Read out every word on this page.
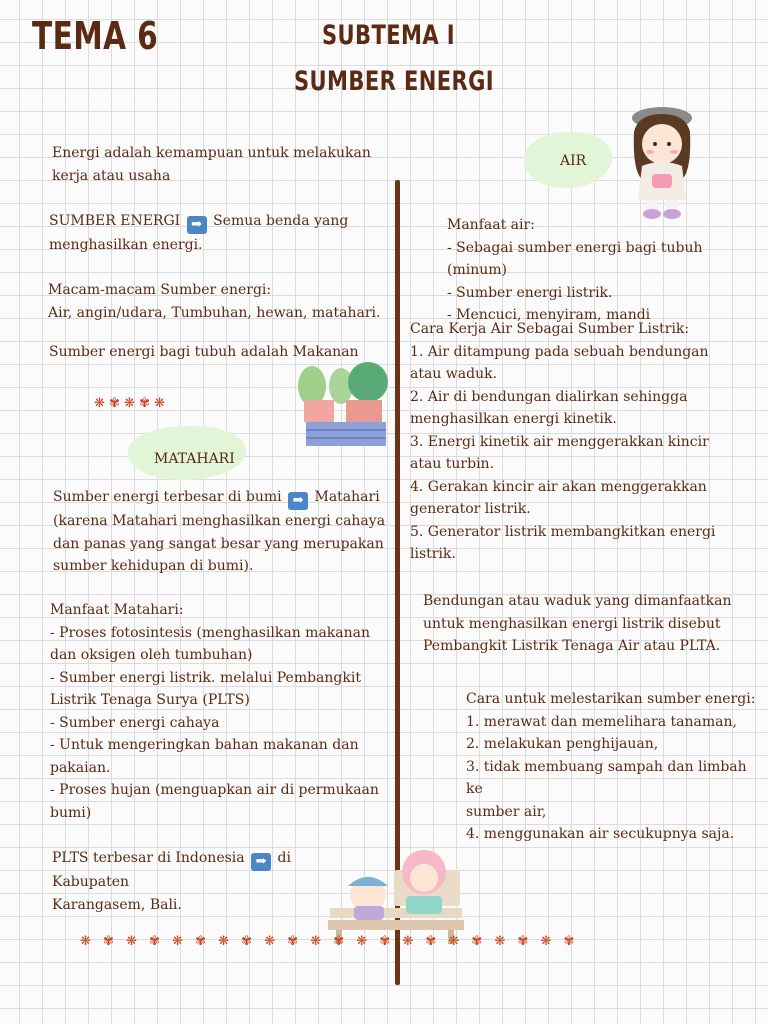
TEMA 6	SUBTEMA I
SUMBER ENERGI
Energi adalah kemampuan untuk melakukan
kerja atau usaha
SUMBER ENERGI ➡ Semua benda yang
menghasilkan energi.
Macam-macam Sumber energi:
Air, angin/udara, Tumbuhan, hewan, matahari.
Sumber energi bagi tubuh adalah Makanan
❋ ✾ ❋ ✾ ❋
MATAHARI
Sumber energi terbesar di bumi ➡ Matahari
(karena Matahari menghasilkan energi cahaya
dan panas yang sangat besar yang merupakan
sumber kehidupan di bumi).
Manfaat Matahari:
- Proses fotosintesis (menghasilkan makanan
dan oksigen oleh tumbuhan)
- Sumber energi listrik. melalui Pembangkit
Listrik Tenaga Surya (PLTS)
- Sumber energi cahaya
- Untuk mengeringkan bahan makanan dan
pakaian.
- Proses hujan (menguapkan air di permukaan
bumi)
PLTS terbesar di Indonesia ➡ di Kabupaten
Karangasem, Bali.
AIR
Manfaat air:
- Sebagai sumber energi bagi tubuh (minum)
- Sumber energi listrik.
- Mencuci, menyiram, mandi
Cara Kerja Air Sebagai Sumber Listrik:
1. Air ditampung pada sebuah bendungan
atau waduk.
2. Air di bendungan dialirkan sehingga
menghasilkan energi kinetik.
3. Energi kinetik air menggerakkan kincir
atau turbin.
4. Gerakan kincir air akan menggerakkan
generator listrik.
5. Generator listrik membangkitkan energi
listrik.
Bendungan atau waduk yang dimanfaatkan
untuk menghasilkan energi listrik disebut
Pembangkit Listrik Tenaga Air atau PLTA.
Cara untuk melestarikan sumber energi:
1. merawat dan memelihara tanaman,
2. melakukan penghijauan,
3. tidak membuang sampah dan limbah ke
sumber air,
4. menggunakan air secukupnya saja.
❋ ✾ ❋ ✾ ❋ ✾ ❋ ✾ ❋ ✾ ❋ ✾ ❋ ✾ ❋ ✾ ❋ ✾ ❋ ✾ ❋ ✾
